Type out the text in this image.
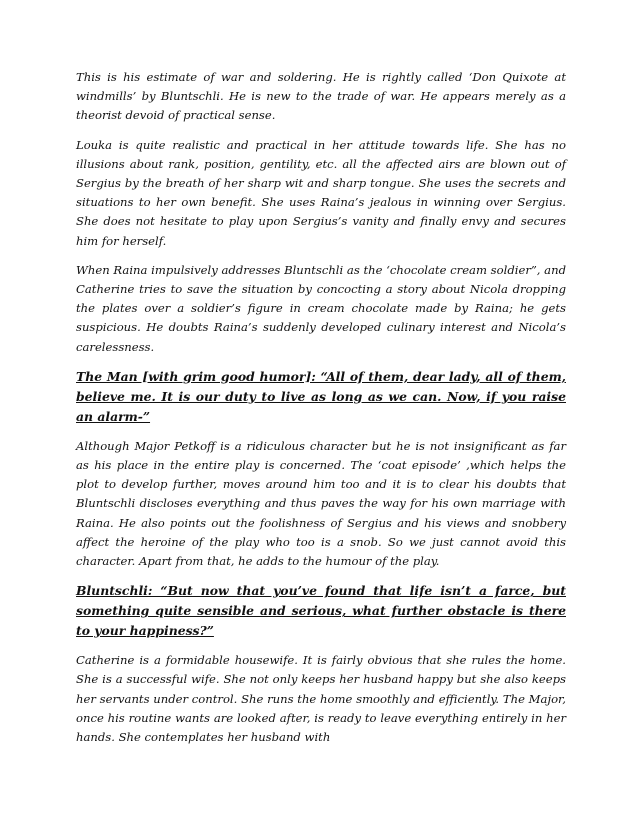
This is his estimate of war and soldering. He is rightly called ‘Don Quixote at windmills’ by Bluntschli. He is new to the trade of war. He appears merely as a theorist devoid of practical sense.

Louka is quite realistic and practical in her attitude towards life. She has no illusions about rank, position, gentility, etc. all the affected airs are blown out of Sergius by the breath of her sharp wit and sharp tongue. She uses the secrets and situations to her own benefit. She uses Raina’s jealous in winning over Sergius. She does not hesitate to play upon Sergius’s vanity and finally envy and secures him for herself.

When Raina impulsively addresses Bluntschli as the ‘chocolate cream soldier”, and Catherine tries to save the situation by concocting a story about Nicola dropping the plates over a soldier’s figure in cream chocolate made by Raina; he gets suspicious. He doubts Raina’s suddenly developed culinary interest and Nicola’s carelessness.

The Man [with grim good humor]: “All of them, dear lady, all of them, believe me. It is our duty to live as long as we can. Now, if you raise an alarm-”

Although Major Petkoff is a ridiculous character but he is not insignificant as far as his place in the entire play is concerned. The ‘coat episode’ ,which helps the plot to develop further, moves around him too and it is to clear his doubts that Bluntschli discloses everything and thus paves the way for his own marriage with Raina. He also points out the foolishness of Sergius and his views and snobbery affect the heroine of the play who too is a snob. So we just cannot avoid this character. Apart from that, he adds to the humour of the play.

Bluntschli: “But now that you’ve found that life isn’t a farce, but something quite sensible and serious, what further obstacle is there to your happiness?”

Catherine is a formidable housewife. It is fairly obvious that she rules the home. She is a successful wife. She not only keeps her husband happy but she also keeps her servants under control. She runs the home smoothly and efficiently. The Major, once his routine wants are looked after, is ready to leave everything entirely in her hands. She contemplates her husband with
